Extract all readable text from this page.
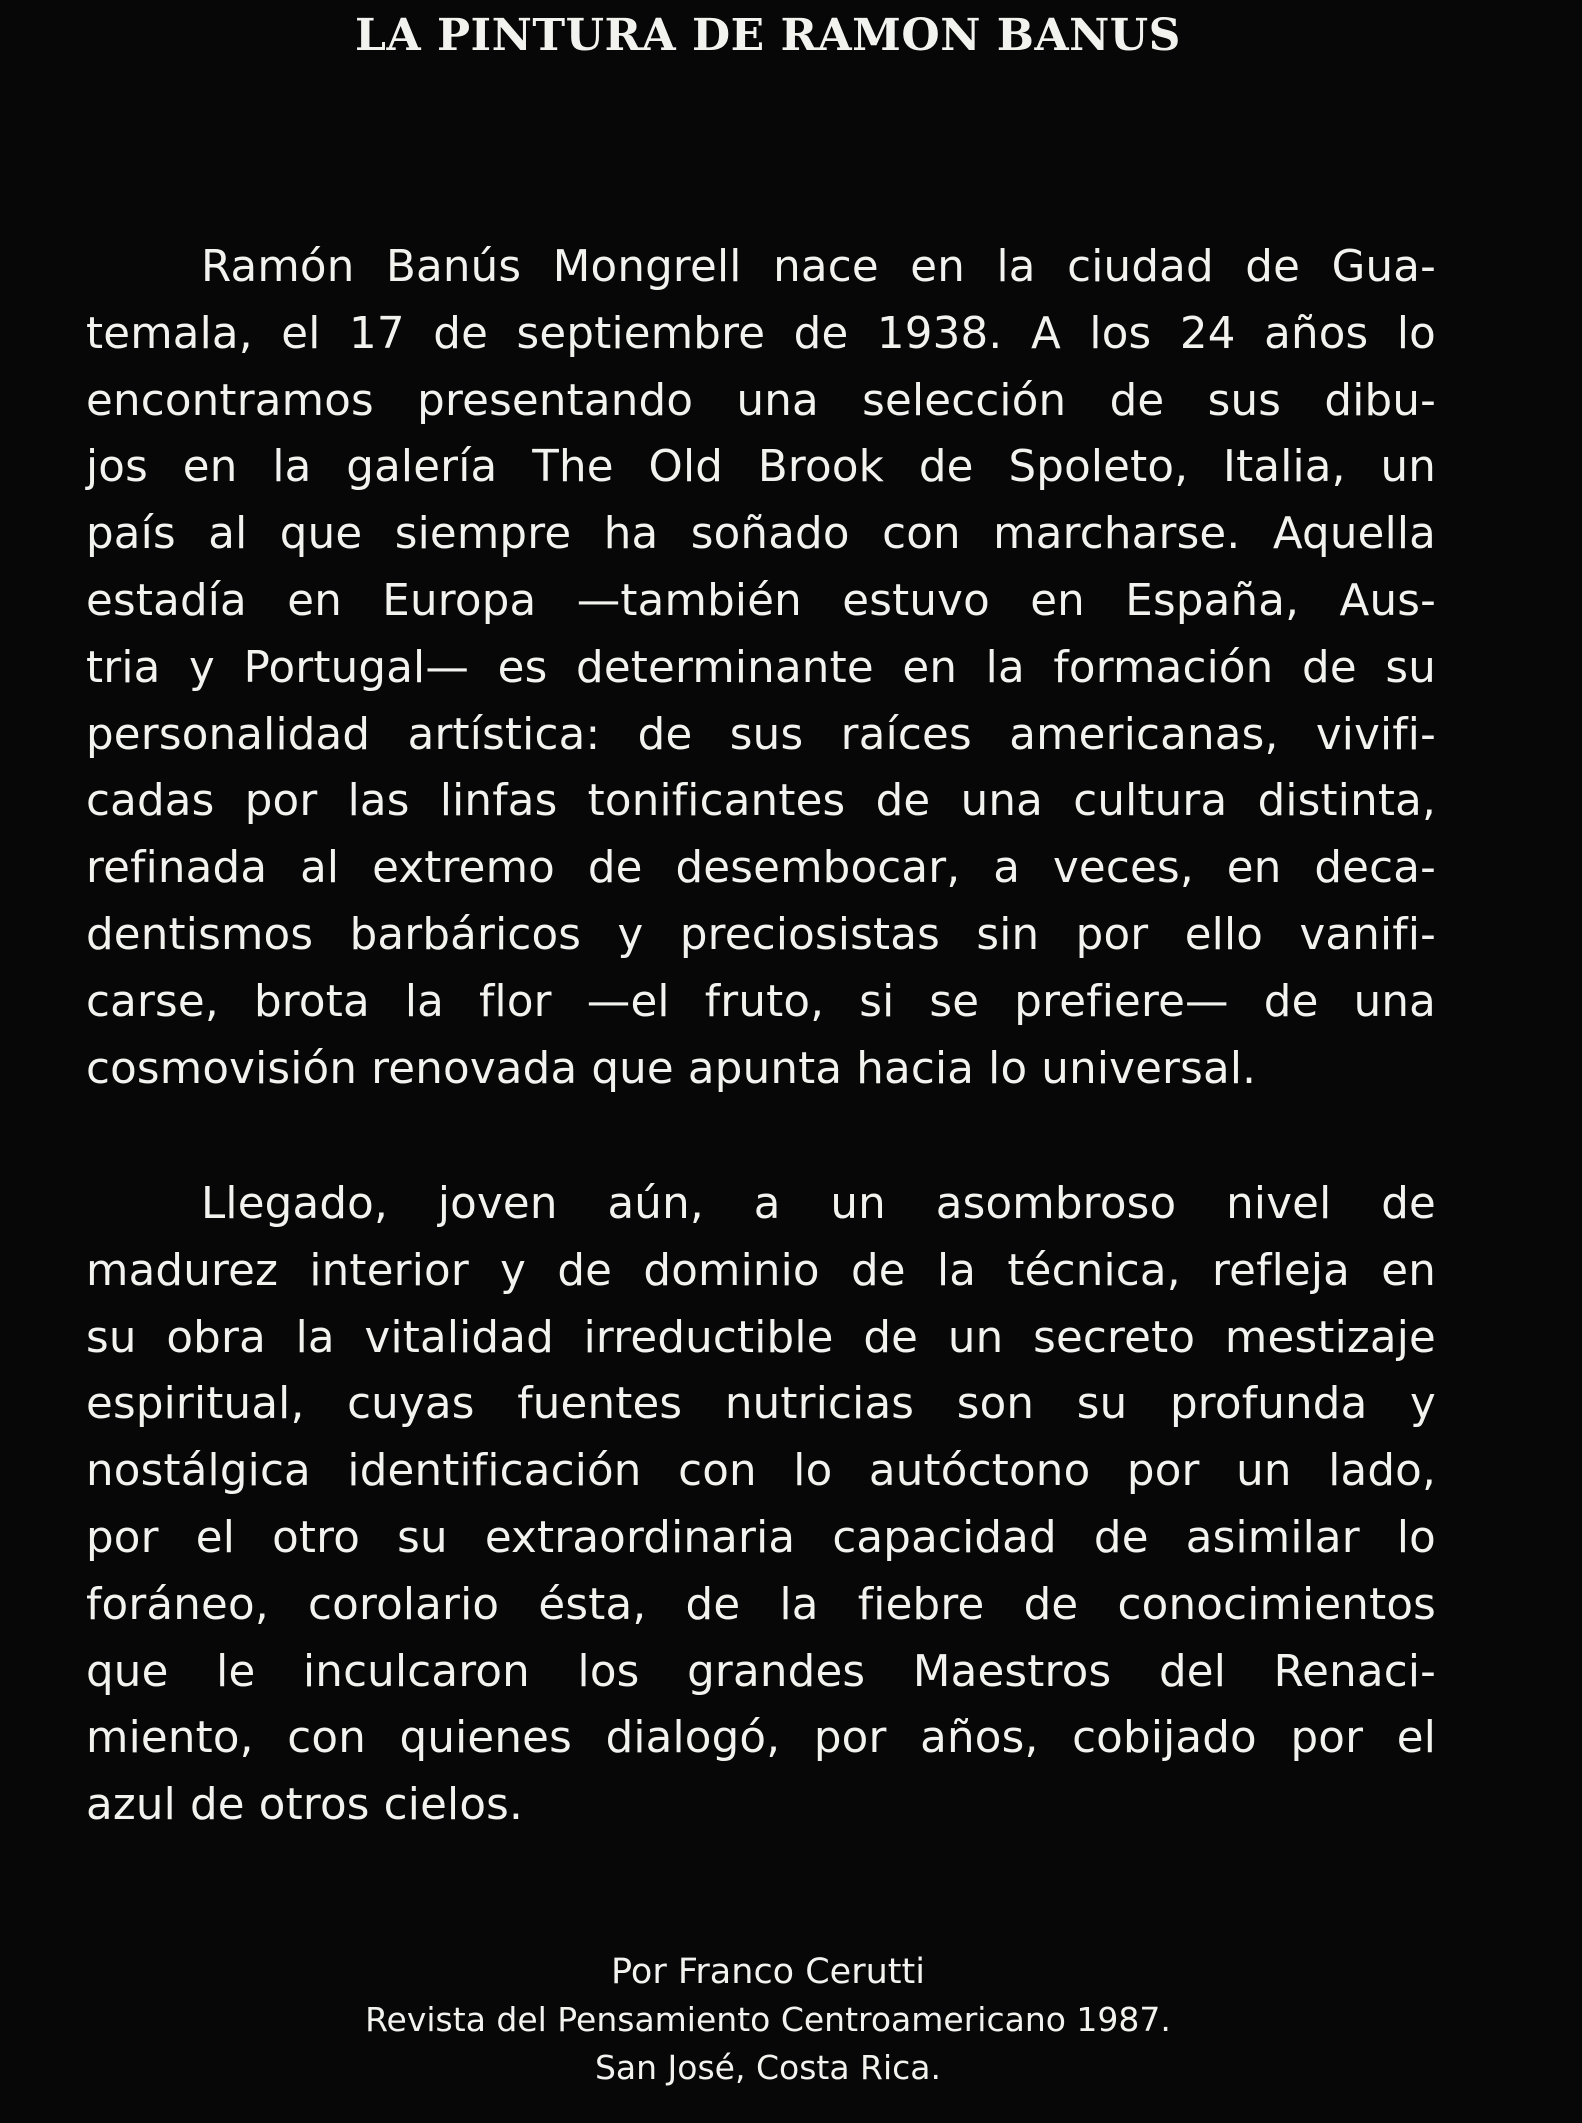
LA PINTURA DE RAMON BANUS

Ramón Banús Mongrell nace en la ciudad de Gua-
temala, el 17 de septiembre de 1938. A los 24 años lo
encontramos presentando una selección de sus dibu-
jos en la galería The Old Brook de Spoleto, Italia, un
país al que siempre ha soñado con marcharse. Aquella
estadía en Europa —también estuvo en España, Aus-
tria y Portugal— es determinante en la formación de su
personalidad artística: de sus raíces americanas, vivifi-
cadas por las linfas tonificantes de una cultura distinta,
refinada al extremo de desembocar, a veces, en deca-
dentismos barbáricos y preciosistas sin por ello vanifi-
carse, brota la flor —el fruto, si se prefiere— de una
cosmovisión renovada que apunta hacia lo universal.

Llegado, joven aún, a un asombroso nivel de
madurez interior y de dominio de la técnica, refleja en
su obra la vitalidad irreductible de un secreto mestizaje
espiritual, cuyas fuentes nutricias son su profunda y
nostálgica identificación con lo autóctono por un lado,
por el otro su extraordinaria capacidad de asimilar lo
foráneo, corolario ésta, de la fiebre de conocimientos
que le inculcaron los grandes Maestros del Renaci-
miento, con quienes dialogó, por años, cobijado por el
azul de otros cielos.

Por Franco Cerutti
Revista del Pensamiento Centroamericano 1987.
San José, Costa Rica.
